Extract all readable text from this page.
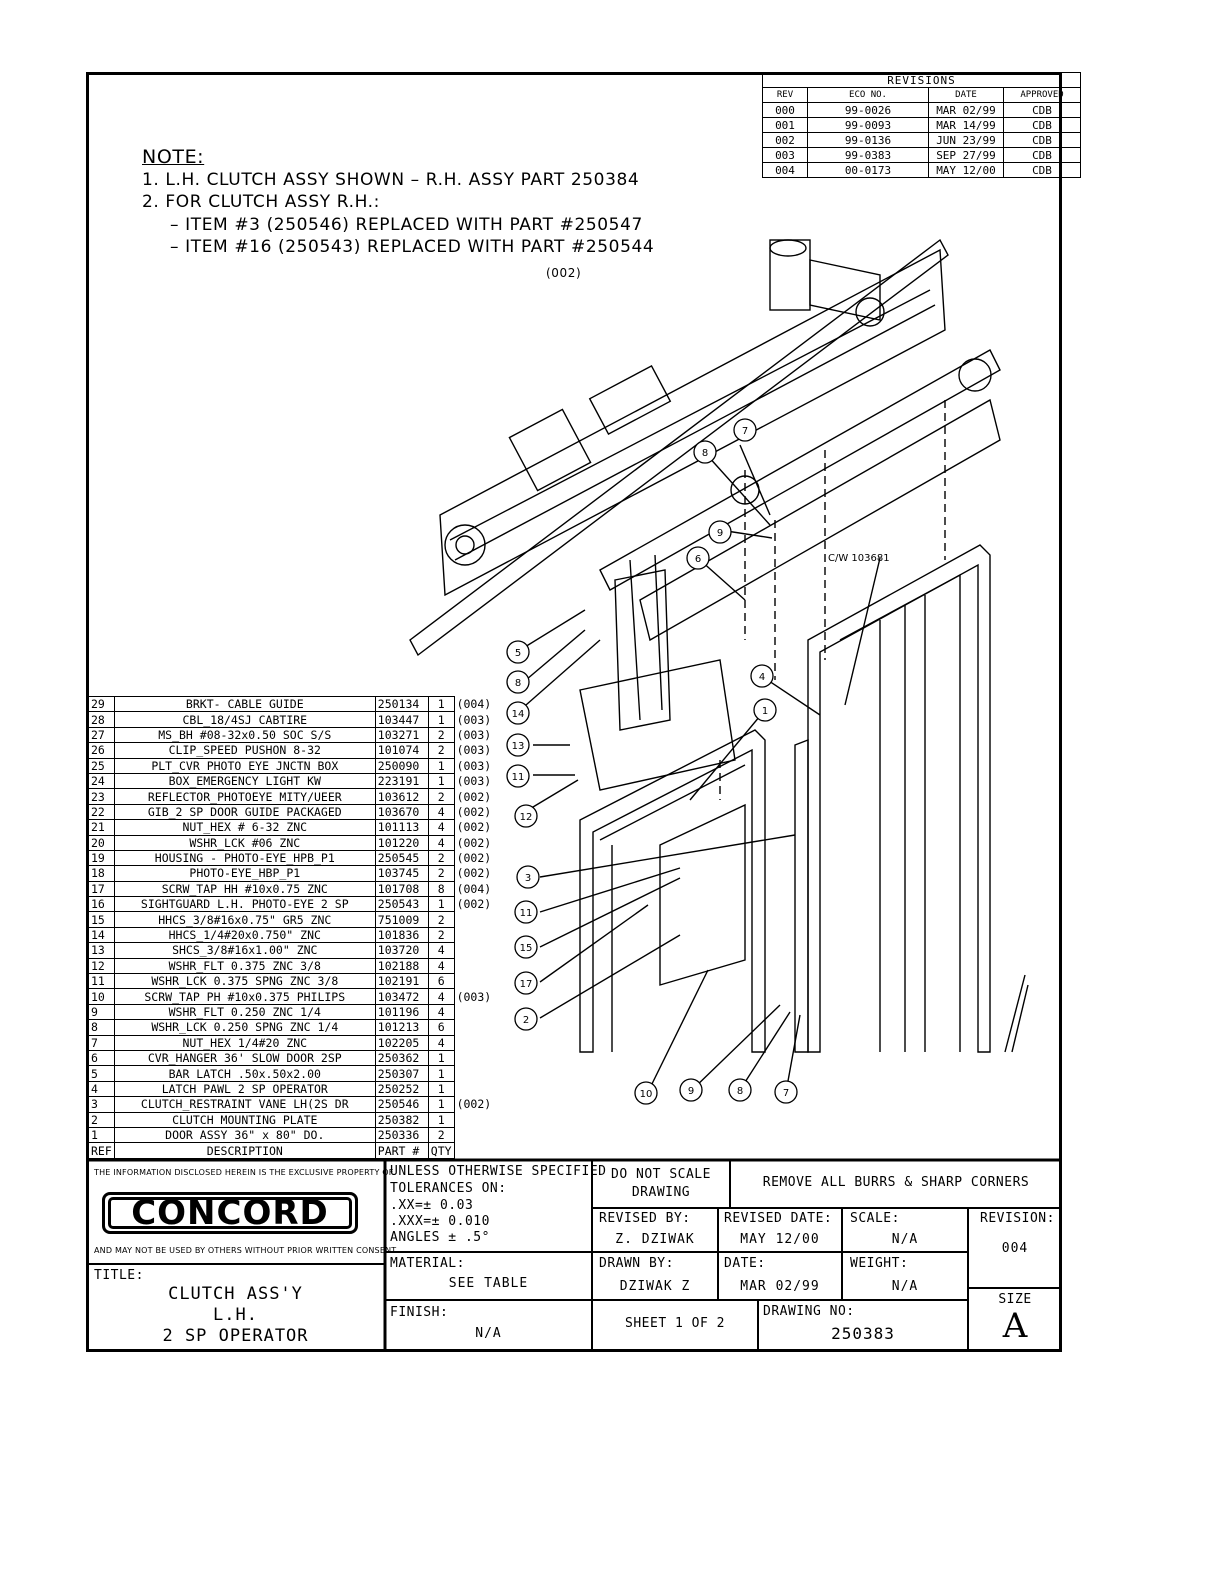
REVISIONS			
REV	ECO NO.	DATE	APPROVED
000	99-0026	MAR 02/99	CDB
001	99-0093	MAR 14/99	CDB
002	99-0136	JUN 23/99	CDB
003	99-0383	SEP 27/99	CDB
004	00-0173	MAY 12/00	CDB
NOTE:
1. L.H. CLUTCH ASSY SHOWN – R.H. ASSY PART 250384
2. FOR CLUTCH ASSY R.H.:
– ITEM #3 (250546) REPLACED WITH PART #250547
– ITEM #16 (250543) REPLACED WITH PART #250544
(002)
C/W 103681
7
8
9
6
5
8
14
13
11
12
4
1
3
11
15
17
2
10	9	8	7
29	BRKT- CABLE GUIDE	250134	1	(004)
28	CBL_18/4SJ CABTIRE	103447	1	(003)
27	MS_BH #08-32x0.50 SOC S/S	103271	2	(003)
26	CLIP_SPEED PUSHON 8-32	101074	2	(003)
25	PLT_CVR PHOTO EYE JNCTN BOX	250090	1	(003)
24	BOX_EMERGENCY LIGHT KW	223191	1	(003)
23	REFLECTOR_PHOTOEYE MITY/UEER	103612	2	(002)
22	GIB_2 SP DOOR GUIDE PACKAGED	103670	4	(002)
21	NUT_HEX # 6-32 ZNC	101113	4	(002)
20	WSHR_LCK #06 ZNC	101220	4	(002)
19	HOUSING - PHOTO-EYE_HPB_P1	250545	2	(002)
18	PHOTO-EYE_HBP_P1	103745	2	(002)
17	SCRW_TAP HH #10x0.75 ZNC	101708	8	(004)
16	SIGHTGUARD L.H. PHOTO-EYE 2 SP	250543	1	(002)
15	HHCS_3/8#16x0.75" GR5 ZNC	751009	2	
14	HHCS_1/4#20x0.750" ZNC	101836	2	
13	SHCS_3/8#16x1.00" ZNC	103720	4	
12	WSHR_FLT 0.375 ZNC 3/8	102188	4	
11	WSHR_LCK 0.375 SPNG ZNC 3/8	102191	6	
10	SCRW_TAP PH #10x0.375 PHILIPS	103472	4	(003)
9	WSHR_FLT 0.250 ZNC 1/4	101196	4	
8	WSHR_LCK 0.250 SPNG ZNC 1/4	101213	6	
7	NUT_HEX 1/4#20 ZNC	102205	4	
6	CVR_HANGER 36' SLOW DOOR 2SP	250362	1	
5	BAR LATCH .50x.50x2.00	250307	1	
4	LATCH PAWL 2 SP OPERATOR	250252	1	
3	CLUTCH_RESTRAINT VANE LH(2S DR	250546	1	(002)
2	CLUTCH MOUNTING PLATE	250382	1	
1	DOOR ASSY 36" x 80" DO.	250336	2	
REF	DESCRIPTION	PART #	QTY	
THE INFORMATION DISCLOSED HEREIN IS THE EXCLUSIVE PROPERTY OF
CONCORD
AND MAY NOT BE USED BY OTHERS WITHOUT PRIOR WRITTEN CONSENT
TITLE:
CLUTCH ASS'Y
L.H.
2 SP OPERATOR
UNLESS OTHERWISE SPECIFIED
TOLERANCES ON:
.XX=± 0.03
.XXX=± 0.010
ANGLES ± .5°
DO NOT SCALE
DRAWING
REMOVE ALL BURRS & SHARP CORNERS
REVISED BY:
Z. DZIWAK
REVISED DATE:
MAY 12/00
SCALE:
N/A
REVISION:
004
MATERIAL:
SEE TABLE
DRAWN BY:
DZIWAK Z
DATE:
MAR 02/99
WEIGHT:
N/A
SIZE
A
FINISH:
N/A
SHEET 1 OF 2
DRAWING NO:
250383
